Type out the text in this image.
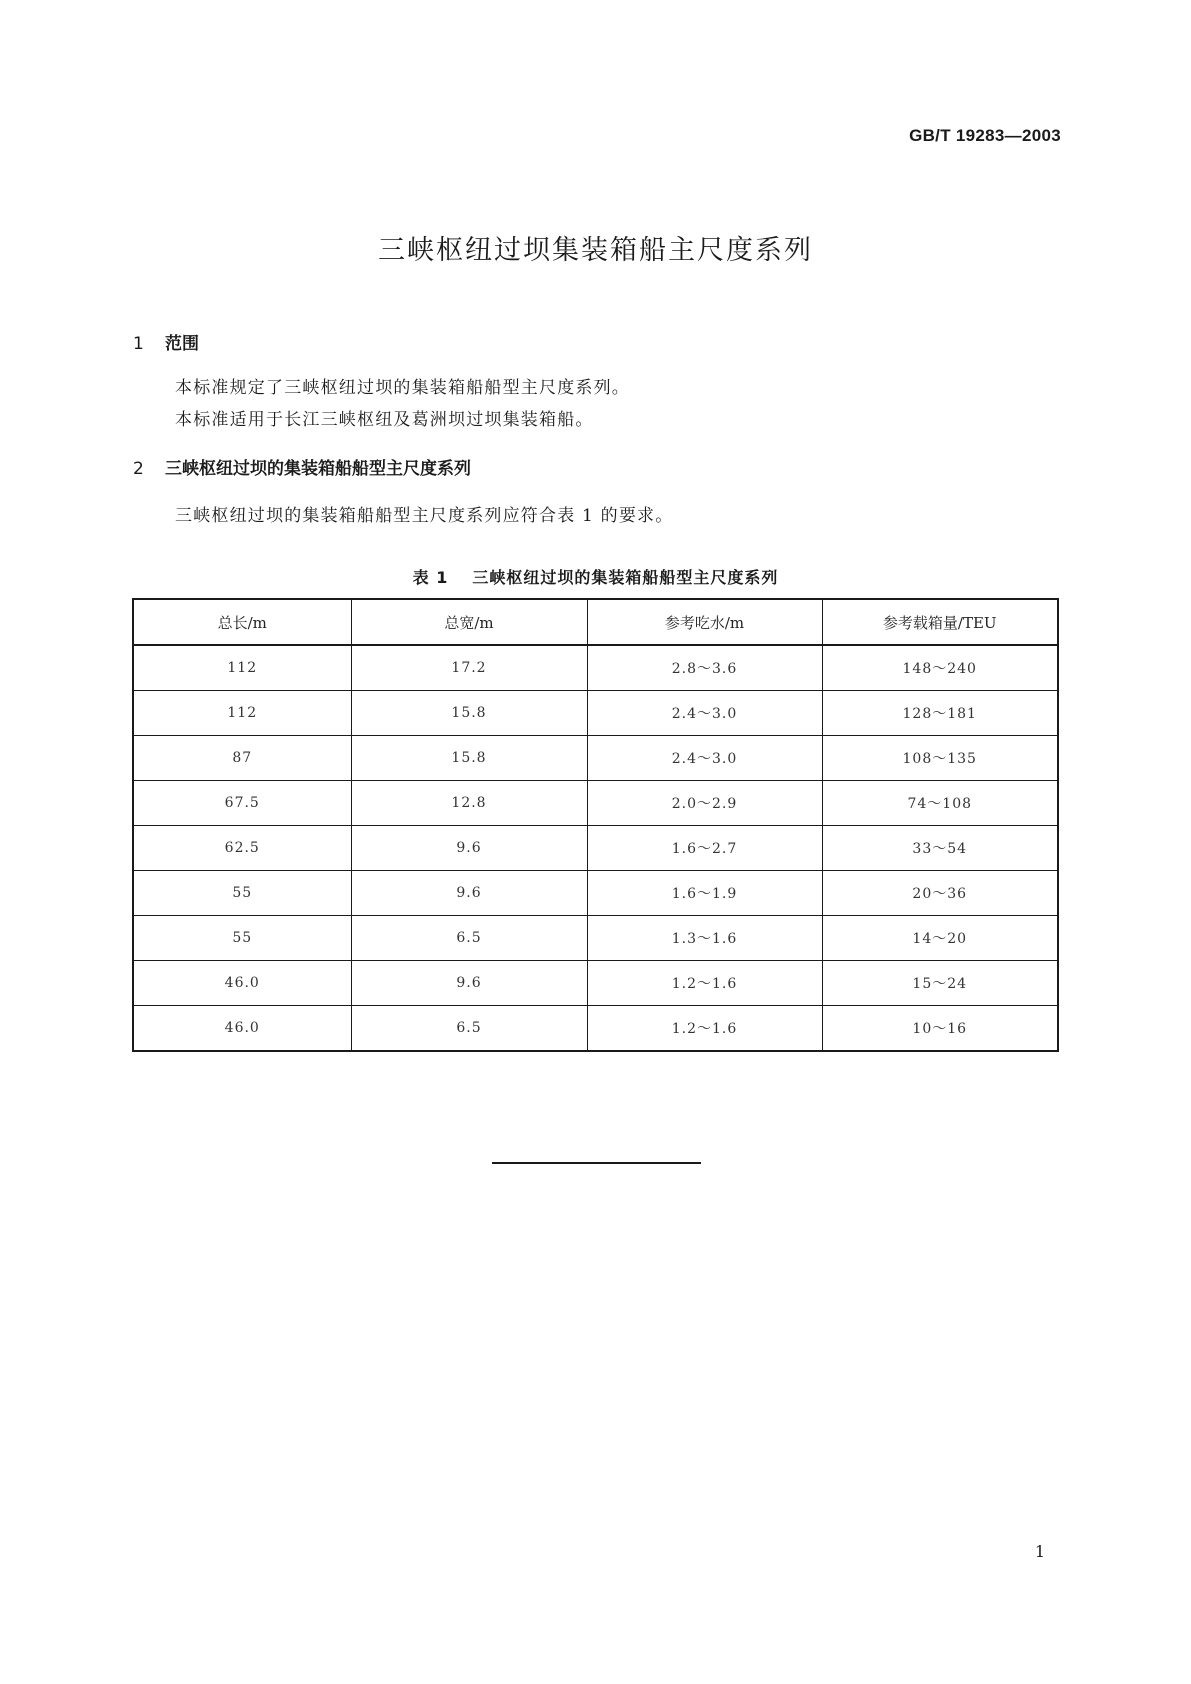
GB/T 19283—2003
三峡枢纽过坝集装箱船主尺度系列
1 范围
本标准规定了三峡枢纽过坝的集装箱船船型主尺度系列。
本标准适用于长江三峡枢纽及葛洲坝过坝集装箱船。
2 三峡枢纽过坝的集装箱船船型主尺度系列
三峡枢纽过坝的集装箱船船型主尺度系列应符合表 1 的要求。
表 1 三峡枢纽过坝的集装箱船船型主尺度系列
总长/m	总宽/m	参考吃水/m	参考载箱量/TEU
112	17.2	2.8～3.6	148～240
112	15.8	2.4～3.0	128～181
87	15.8	2.4～3.0	108～135
67.5	12.8	2.0～2.9	74～108
62.5	9.6	1.6～2.7	33～54
55	9.6	1.6～1.9	20～36
55	6.5	1.3～1.6	14～20
46.0	9.6	1.2～1.6	15～24
46.0	6.5	1.2～1.6	10～16
1
